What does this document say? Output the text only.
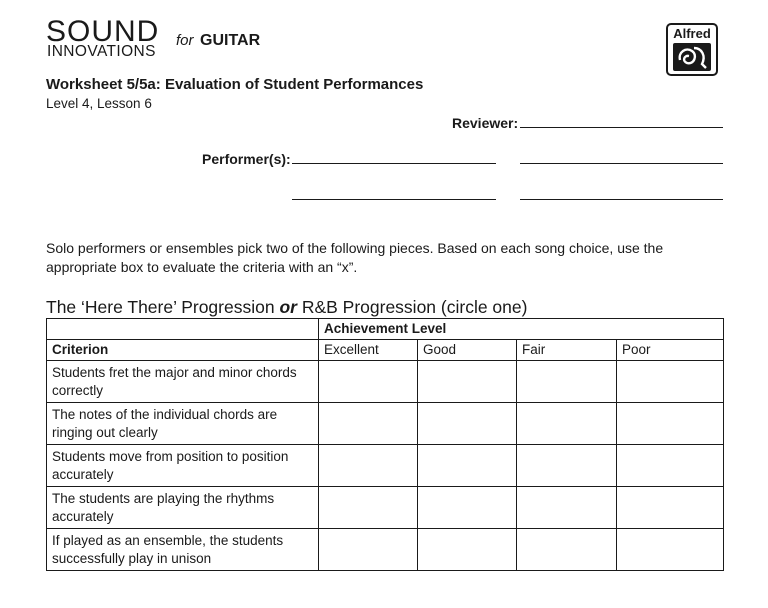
SOUND
INNOVATIONS
for GUITAR	Alfred
Worksheet 5/5a: Evaluation of Student Performances
Level 4, Lesson 6
Reviewer:
Performer(s):
Solo performers or ensembles pick two of the following pieces. Based on each song choice, use the appropriate box to evaluate the criteria with an “x”.
The ‘Here There’ Progression or R&B Progression (circle one)
	Achievement Level			
Criterion	Excellent	Good	Fair	Poor
Students fret the major and minor chords correctly				
The notes of the individual chords are ringing out clearly				
Students move from position to position accurately				
The students are playing the rhythms accurately				
If played as an ensemble, the students successfully play in unison				
